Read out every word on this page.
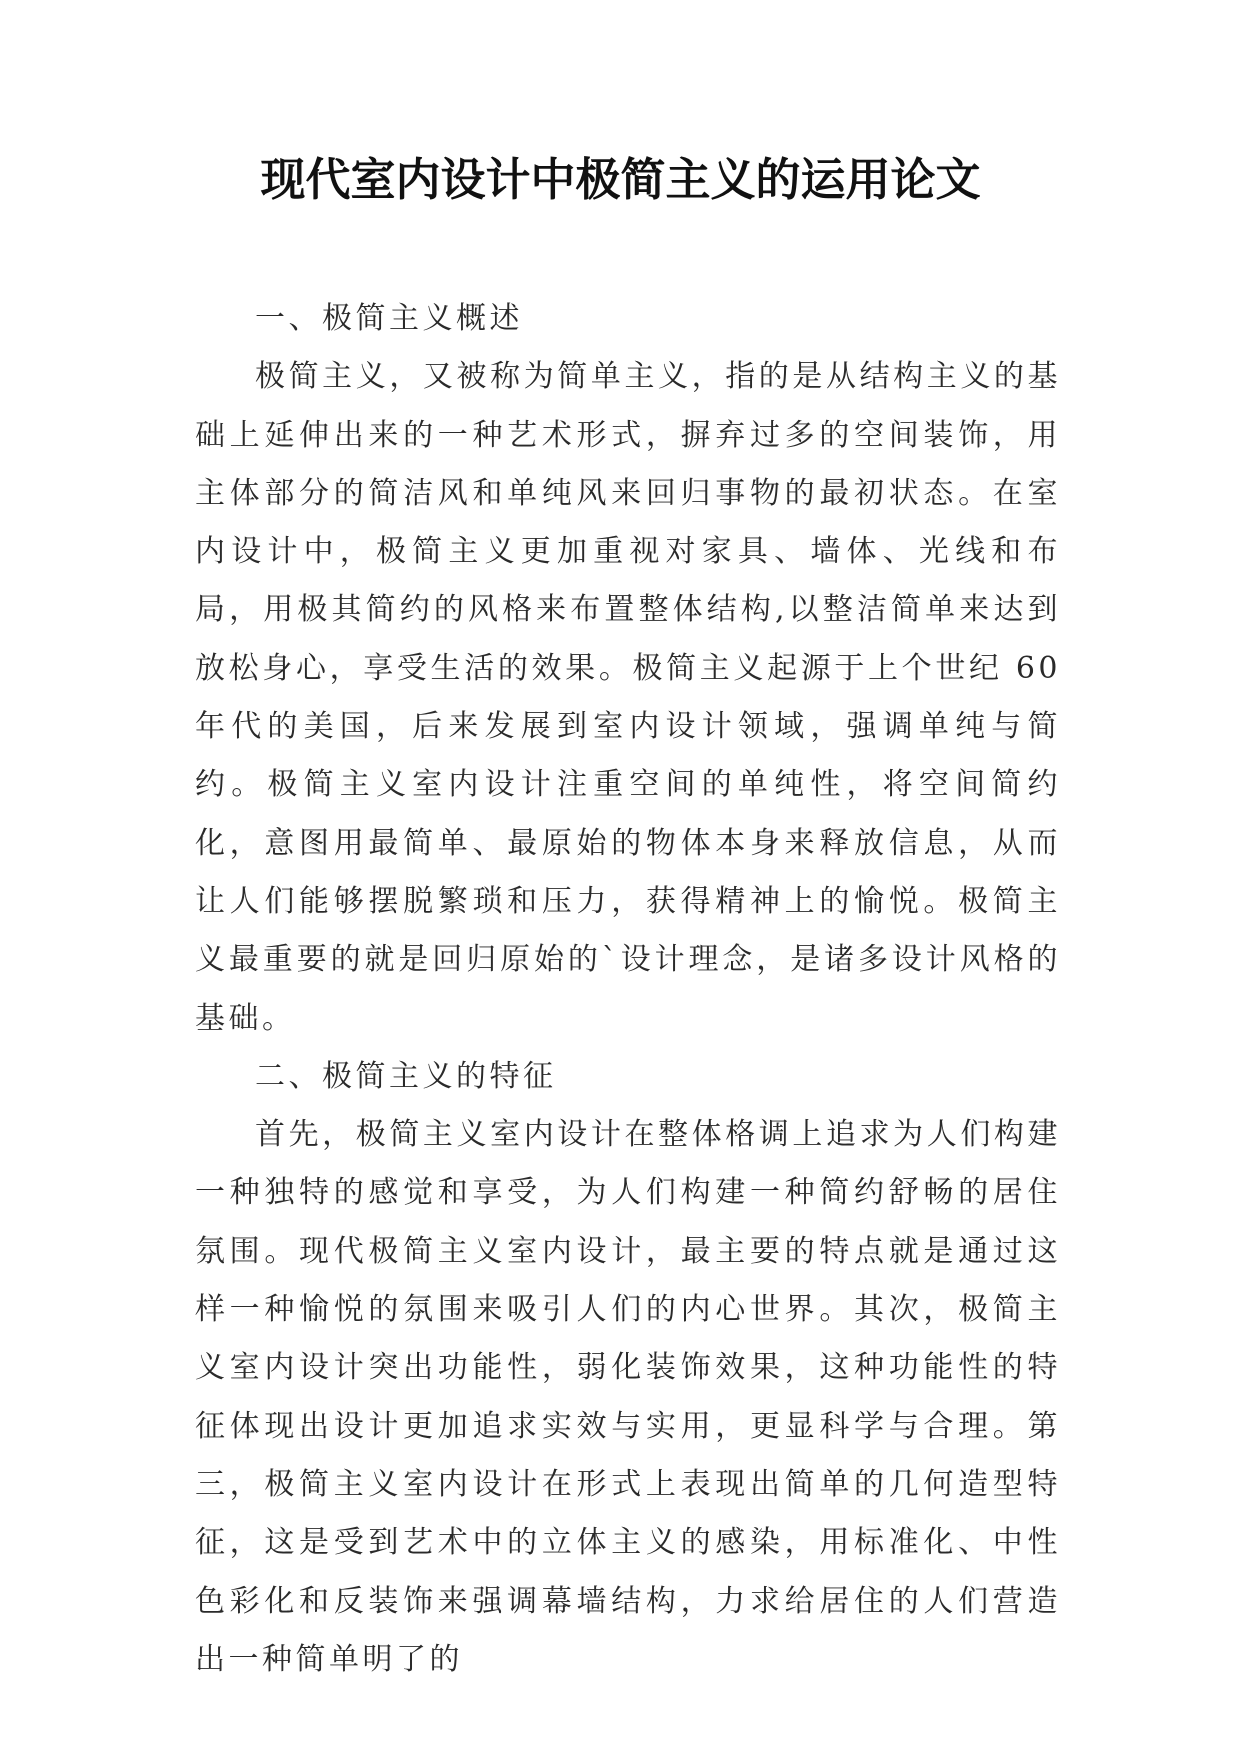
现代室内设计中极简主义的运用论文

一、极简主义概述

极简主义，又被称为简单主义，指的是从结构主义的基础上延伸出来的一种艺术形式，摒弃过多的空间装饰，用主体部分的简洁风和单纯风来回归事物的最初状态。在室内设计中，极简主义更加重视对家具、墙体、光线和布局，用极其简约的风格来布置整体结构,以整洁简单来达到放松身心，享受生活的效果。极简主义起源于上个世纪 60 年代的美国，后来发展到室内设计领域，强调单纯与简约。极简主义室内设计注重空间的单纯性，将空间简约化，意图用最简单、最原始的物体本身来释放信息，从而让人们能够摆脱繁琐和压力，获得精神上的愉悦。极简主义最重要的就是回归原始的`设计理念，是诸多设计风格的基础。

二、极简主义的特征

首先，极简主义室内设计在整体格调上追求为人们构建一种独特的感觉和享受，为人们构建一种简约舒畅的居住氛围。现代极简主义室内设计，最主要的特点就是通过这样一种愉悦的氛围来吸引人们的内心世界。其次，极简主义室内设计突出功能性，弱化装饰效果，这种功能性的特征体现出设计更加追求实效与实用，更显科学与合理。第三，极简主义室内设计在形式上表现出简单的几何造型特征，这是受到艺术中的立体主义的感染，用标准化、中性色彩化和反装饰来强调幕墙结构，力求给居住的人们营造出一种简单明了的
